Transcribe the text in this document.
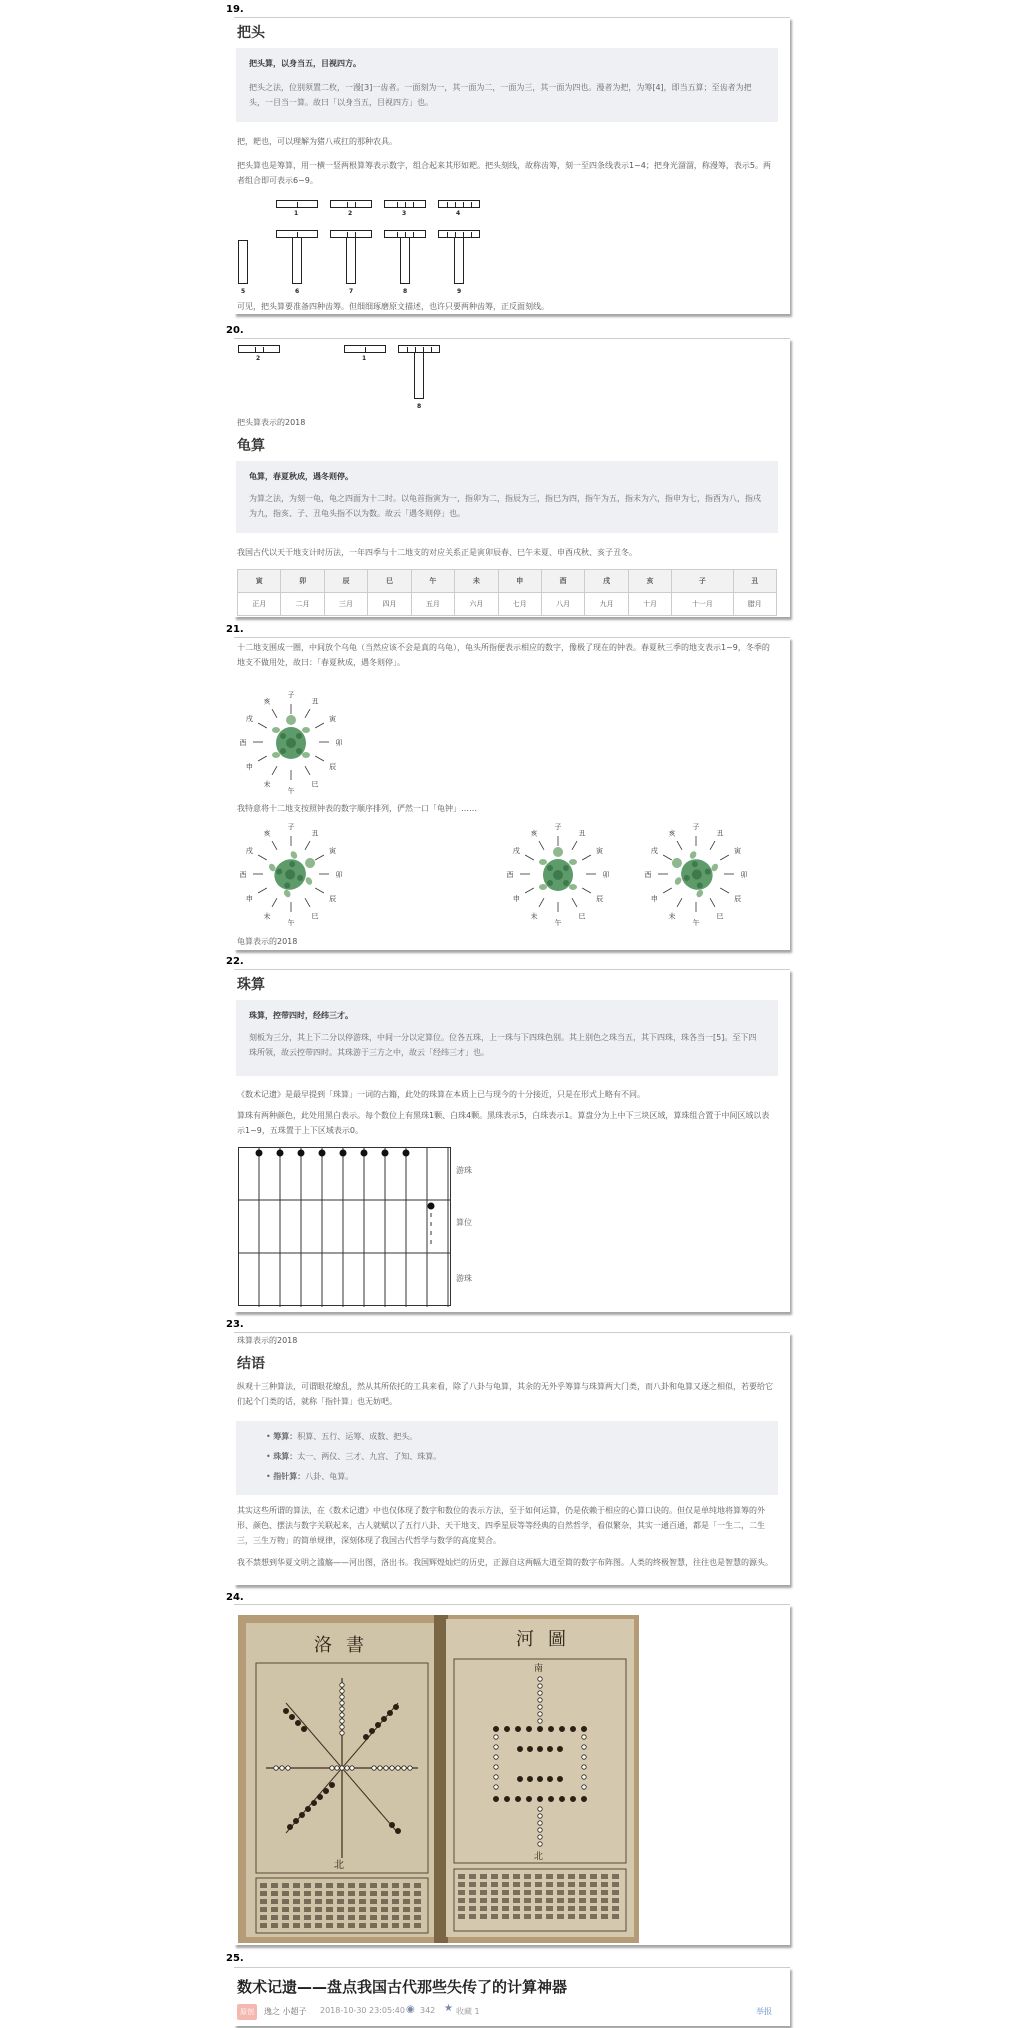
19.
20.
21.
22.
23.
24.
25.
把头
把头算，以身当五，目视四方。
把头之法，位别须置二枚，一漫[3]一齿者。一面刻为一，其一面为二，一面为三，其一面为四也。漫者为把，为筹[4]，即当五算；至齿者为把头，一目当一算。故曰「以身当五，目视四方」也。
把，耙也，可以理解为猪八戒扛的那种农具。
把头算也是筹算，用一横一竖两根算筹表示数字，组合起来其形如耙。把头刻线，故称齿筹，刻一至四条线表示1~4；把身光溜溜，称漫筹，表示5。两者组合即可表示6~9。
1	2	3	4
5	6	7	8	9
可见，把头算要准备四种齿筹。但细细琢磨原文描述，也许只要两种齿筹，正反面刻线。
2	1
8
把头算表示的2018
龟算
龟算，春夏秋成，遇冬则停。
为算之法，为刻一龟，龟之四面为十二时。以龟首指寅为一，指卯为二，指辰为三，指巳为四，指午为五，指未为六，指申为七，指酉为八，指戌为九，指亥、子、丑龟头指不以为数。故云「遇冬则停」也。
我国古代以天干地支计时历法，一年四季与十二地支的对应关系正是寅卯辰春、巳午未夏、申酉戌秋、亥子丑冬。
寅	卯	辰	巳	午	未	申	酉	戌	亥	子	丑
正月	二月	三月	四月	五月	六月	七月	八月	九月	十月	十一月	腊月
十二地支围成一圈，中间放个乌龟（当然应该不会是真的乌龟），龟头所指便表示相应的数字，像极了现在的钟表。春夏秋三季的地支表示1~9，冬季的地支不做用处，故曰：「春夏秋成，遇冬则停」。
子
丑
寅
卯
辰
巳
午
未
申
酉
戌
亥
我特意将十二地支按照钟表的数字顺序排列，俨然一口「龟钟」……
子
丑
寅
卯
辰
巳
午
未
申
酉
戌
亥
子
丑
寅
卯
辰
巳
午
未
申
酉
戌
亥
子
丑
寅
卯
辰
巳
午
未
申
酉
戌
亥
龟算表示的2018
珠算
珠算，控带四时，经纬三才。
刻板为三分，其上下二分以停游珠，中间一分以定算位。位各五珠，上一珠与下四珠色别。其上别色之珠当五，其下四珠，珠各当一[5]。至下四珠所领，故云控带四时。其珠游于三方之中，故云「经纬三才」也。
《数术记遗》是最早提到「珠算」一词的古籍，此处的珠算在本质上已与现今的十分接近，只是在形式上略有不同。
算珠有两种颜色，此处用黑白表示。每个数位上有黑珠1颗、白珠4颗。黑珠表示5，白珠表示1。算盘分为上中下三块区域，算珠组合置于中间区域以表示1~9，五珠置于上下区域表示0。
游珠
算位
游珠
珠算表示的2018
结语
纵观十三种算法，可谓眼花缭乱，然从其所依托的工具来看，除了八卦与龟算，其余的无外乎筹算与珠算两大门类，而八卦和龟算又逐之相似，若要给它们起个门类的话，就称「指针算」也无妨吧。
• 筹算：积算、五行、运筹、成数、把头。
• 珠算：太一、两仪、三才、九宫、了知、珠算。
• 指针算：八卦、龟算。
其实这些所谓的算法，在《数术记遗》中也仅体现了数字和数位的表示方法，至于如何运算，仍是依赖于相应的心算口诀的。但仅是单纯地将算筹的外形、颜色、摆法与数字关联起来，古人就赋以了五行八卦、天干地支、四季星辰等等经典的自然哲学，看似繁杂，其实一通百通，都是「一生二，二生三，三生万物」的简单规律，深刻体现了我国古代哲学与数学的高度契合。
我不禁想到华夏文明之滥觞——河出图，洛出书。我国辉煌灿烂的历史，正源自这两幅大道至简的数字布阵图。人类的终极智慧，往往也是智慧的源头。
洛書
北
河圖
南
北
数术记遗——盘点我国古代那些失传了的计算神器
原创	逸之 小超子 2018-10-30 23:05:40 ◉ 342 ★ 收藏 1	举报
